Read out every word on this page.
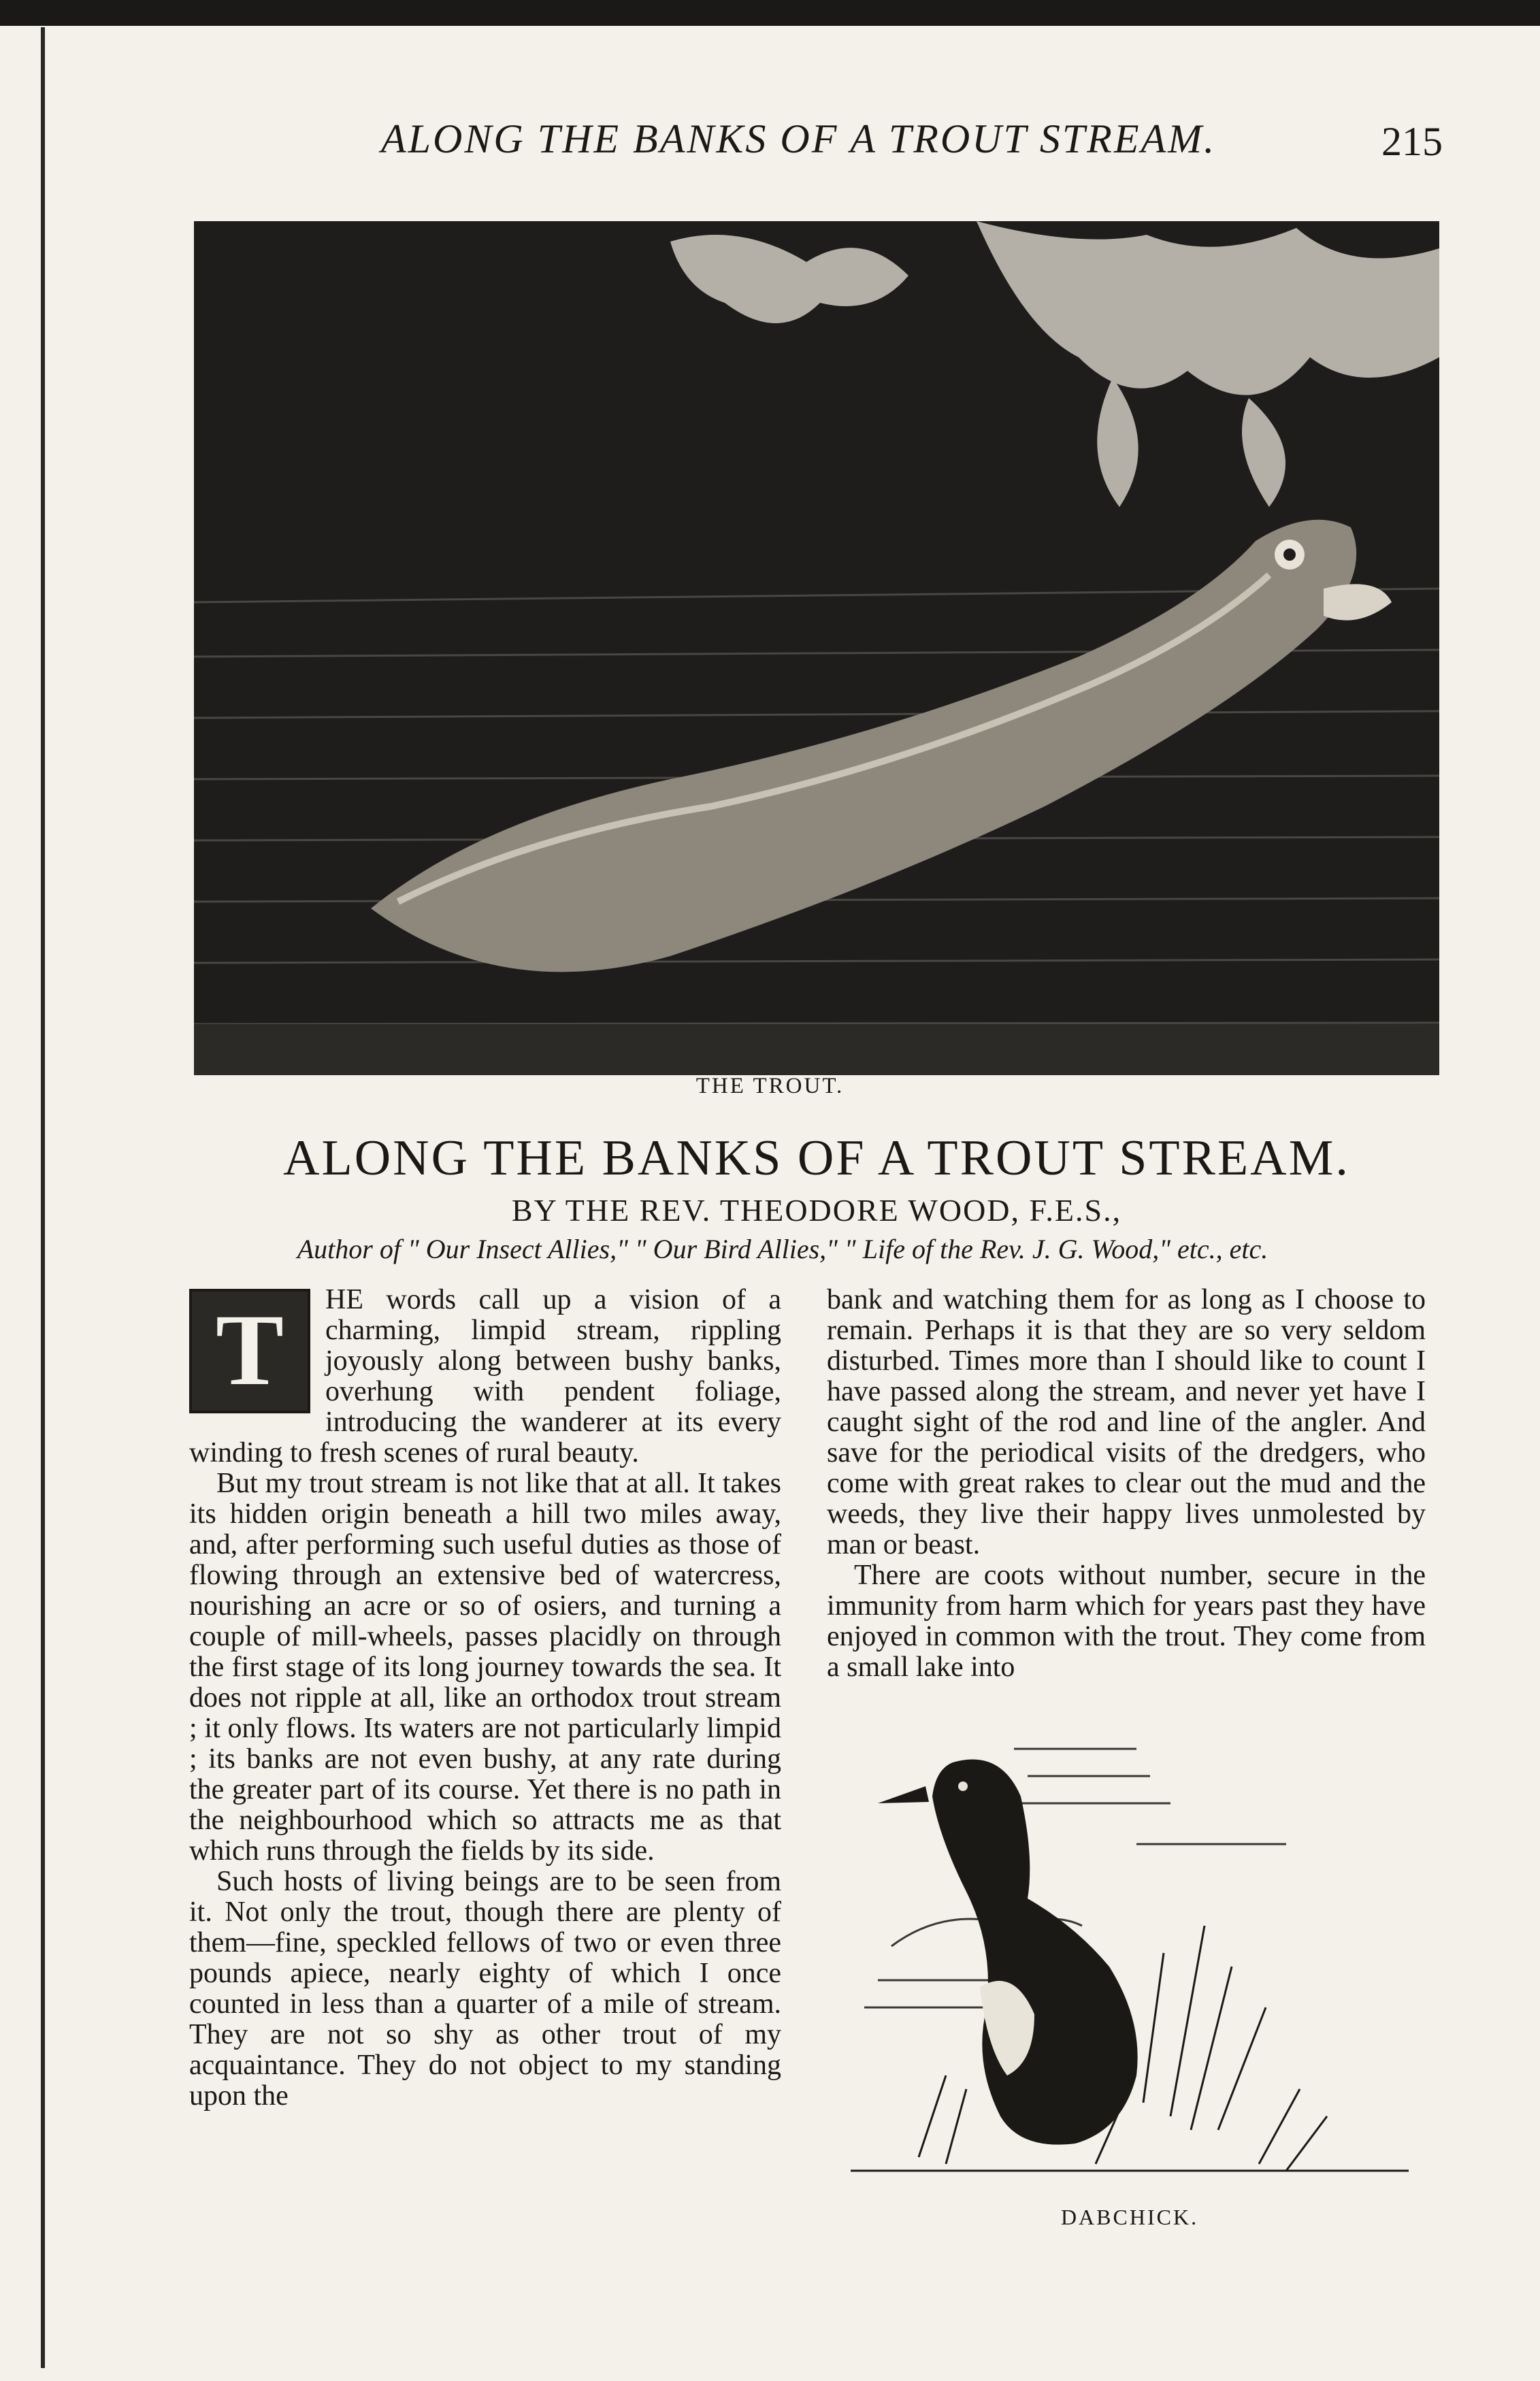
ALONG THE BANKS OF A TROUT STREAM.	215
THE TROUT.
ALONG THE BANKS OF A TROUT STREAM.
BY THE REV. THEODORE WOOD, F.E.S.,
Author of " Our Insect Allies," " Our Bird Allies," " Life of the Rev. J. G. Wood," etc., etc.
T	HE words call up a vision of a charming, limpid stream, rippling joyously along between bushy banks, overhung with pendent foliage, introducing the wanderer at its every winding to fresh scenes of rural beauty.

But my trout stream is not like that at all. It takes its hidden origin beneath a hill two miles away, and, after performing such useful duties as those of flowing through an extensive bed of watercress, nourishing an acre or so of osiers, and turning a couple of mill-wheels, passes placidly on through the first stage of its long journey towards the sea. It does not ripple at all, like an orthodox trout stream ; it only flows. Its waters are not particularly limpid ; its banks are not even bushy, at any rate during the greater part of its course. Yet there is no path in the neighbourhood which so attracts me as that which runs through the fields by its side.

Such hosts of living beings are to be seen from it. Not only the trout, though there are plenty of them—fine, speckled fellows of two or even three pounds apiece, nearly eighty of which I once counted in less than a quarter of a mile of stream. They are not so shy as other trout of my acquaintance. They do not object to my standing upon the

bank and watching them for as long as I choose to remain. Perhaps it is that they are so very seldom disturbed. Times more than I should like to count I have passed along the stream, and never yet have I caught sight of the rod and line of the angler. And save for the periodical visits of the dredgers, who come with great rakes to clear out the mud and the weeds, they live their happy lives unmolested by man or beast.

There are coots without number, secure in the immunity from harm which for years past they have enjoyed in common with the trout. They come from a small lake into

DABCHICK.
